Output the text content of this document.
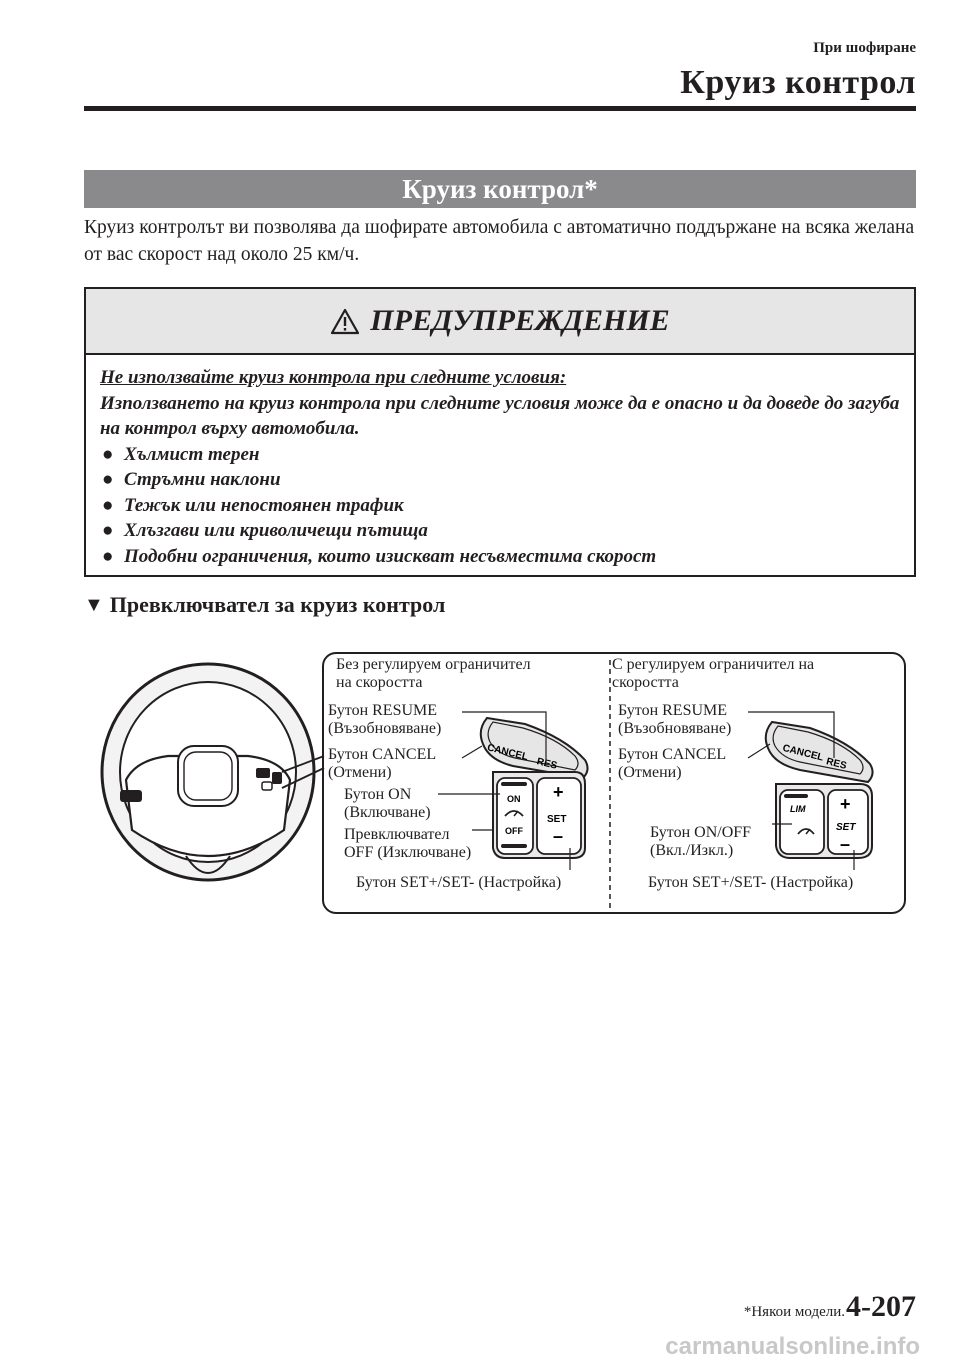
При шофиране
Круиз контрол
Круиз контрол*
Круиз контролът ви позволява да шофирате автомобила с автоматично поддържане на всяка желана от вас скорост над около 25 км/ч.
ПРЕДУПРЕЖДЕНИЕ
Не използвайте круиз контрола при следните условия:
Използването на круиз контрола при следните условия може да е опасно и да доведе до загуба на контрол върху автомобила.
● Хълмист терен
● Стръмни наклони
● Тежък или непостоянен трафик
● Хлъзгави или криволичещи пътища
● Подобни ограничения, които изискват несъвместима скорост
▼ Превключвател за круиз контрол
CANCEL
RES
ON
OFF
+
SET
–
CANCEL
RES
LIM +
SET
–
Без регулируем ограничител
на скоростта
Бутон RESUME
(Възобновяване)
Бутон CANCEL
(Отмени)
Бутон ON
(Включване)
Превключвател
OFF (Изключване)
Бутон SET+/SET- (Настройка)
С регулируем ограничител на
скоростта
Бутон RESUME
(Възобновяване)
Бутон CANCEL
(Отмени)
Бутон ON/OFF
(Вкл./Изкл.)
Бутон SET+/SET- (Настройка)
*Някои модели. 4-207
carmanualsonline.info
